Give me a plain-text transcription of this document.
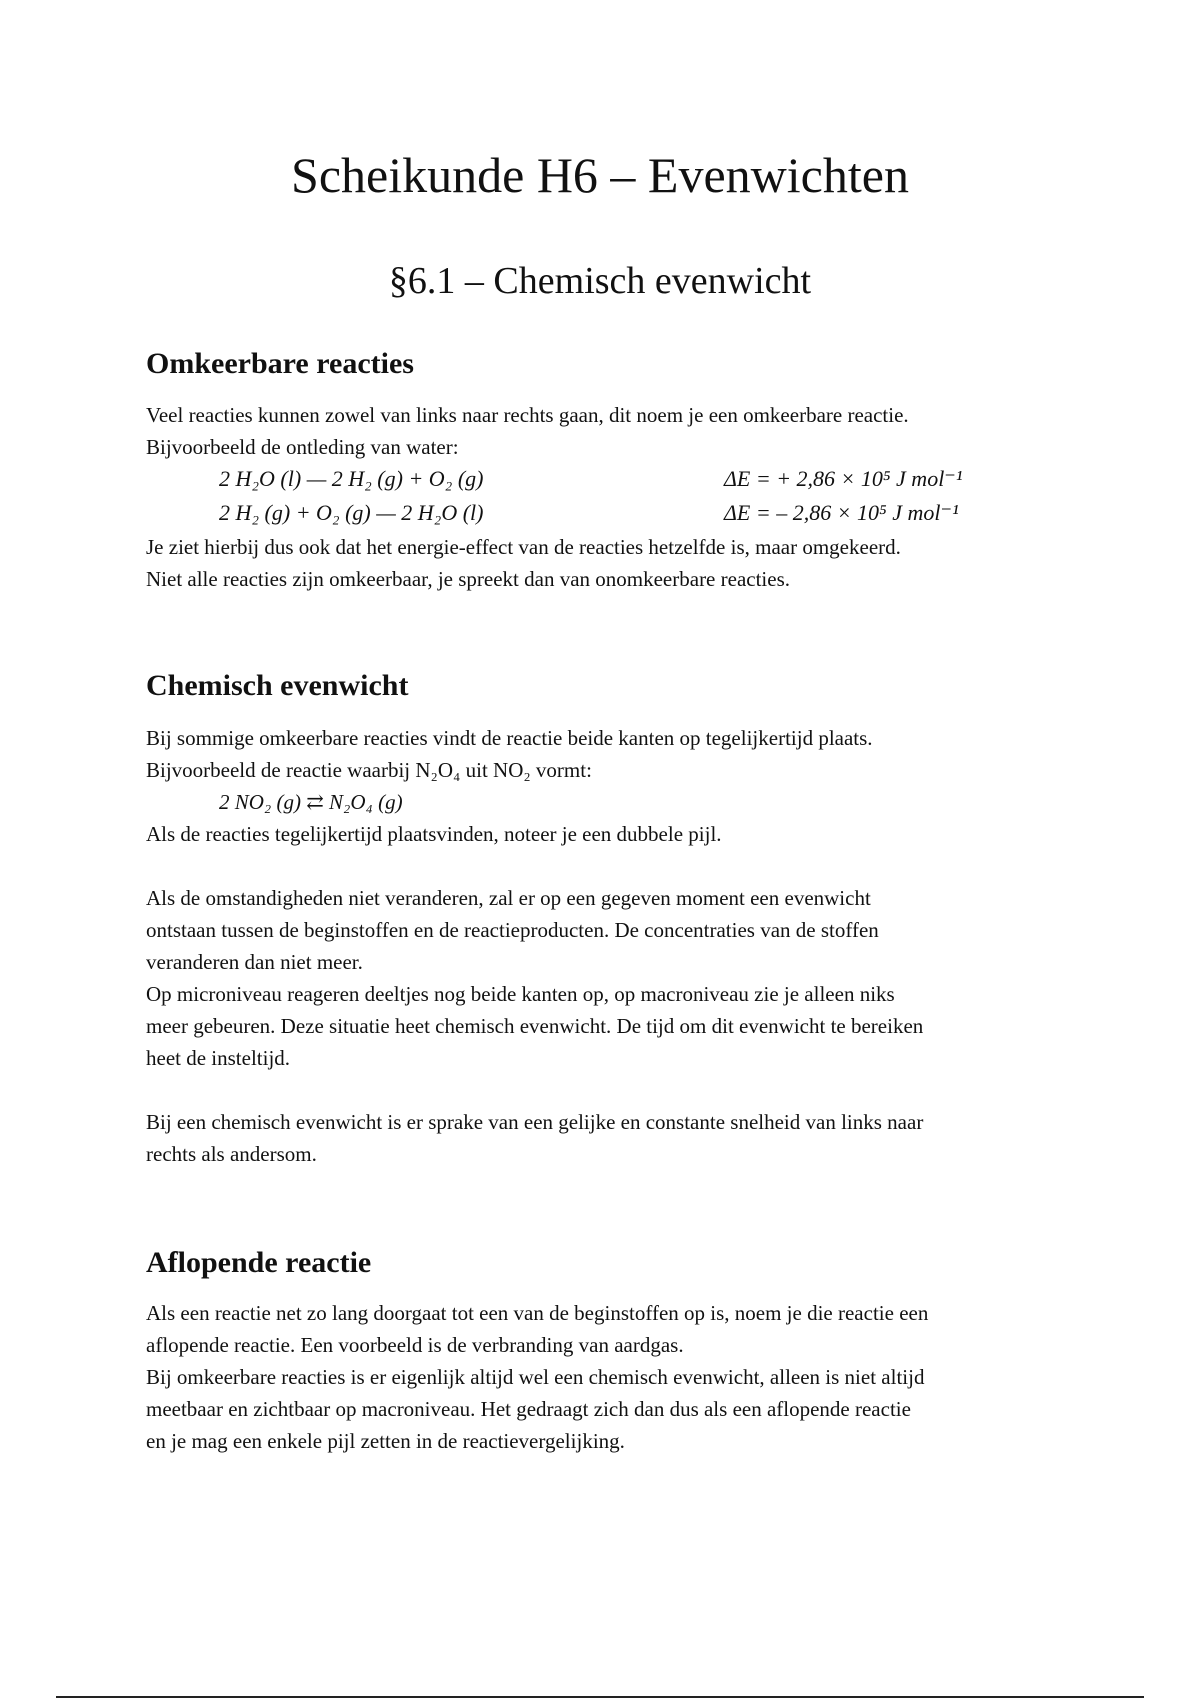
Scheikunde H6 – Evenwichten
§6.1 – Chemisch evenwicht
Omkeerbare reacties
Veel reacties kunnen zowel van links naar rechts gaan, dit noem je een omkeerbare reactie.
Bijvoorbeeld de ontleding van water:
2 H₂O (l) — 2 H₂ (g) + O₂ (g)	ΔE = + 2,86 × 10⁵ J mol⁻¹
2 H₂ (g) + O₂ (g) — 2 H₂O (l)	ΔE = – 2,86 × 10⁵ J mol⁻¹
Je ziet hierbij dus ook dat het energie-effect van de reacties hetzelfde is, maar omgekeerd.
Niet alle reacties zijn omkeerbaar, je spreekt dan van onomkeerbare reacties.
Chemisch evenwicht
Bij sommige omkeerbare reacties vindt de reactie beide kanten op tegelijkertijd plaats.
Bijvoorbeeld de reactie waarbij N₂O₄ uit NO₂ vormt:
2 NO₂ (g) ⇄ N₂O₄ (g)
Als de reacties tegelijkertijd plaatsvinden, noteer je een dubbele pijl.
Als de omstandigheden niet veranderen, zal er op een gegeven moment een evenwicht
ontstaan tussen de beginstoffen en de reactieproducten. De concentraties van de stoffen
veranderen dan niet meer.
Op microniveau reageren deeltjes nog beide kanten op, op macroniveau zie je alleen niks
meer gebeuren. Deze situatie heet chemisch evenwicht. De tijd om dit evenwicht te bereiken
heet de insteltijd.
Bij een chemisch evenwicht is er sprake van een gelijke en constante snelheid van links naar
rechts als andersom.
Aflopende reactie
Als een reactie net zo lang doorgaat tot een van de beginstoffen op is, noem je die reactie een
aflopende reactie. Een voorbeeld is de verbranding van aardgas.
Bij omkeerbare reacties is er eigenlijk altijd wel een chemisch evenwicht, alleen is niet altijd
meetbaar en zichtbaar op macroniveau. Het gedraagt zich dan dus als een aflopende reactie
en je mag een enkele pijl zetten in de reactievergelijking.
